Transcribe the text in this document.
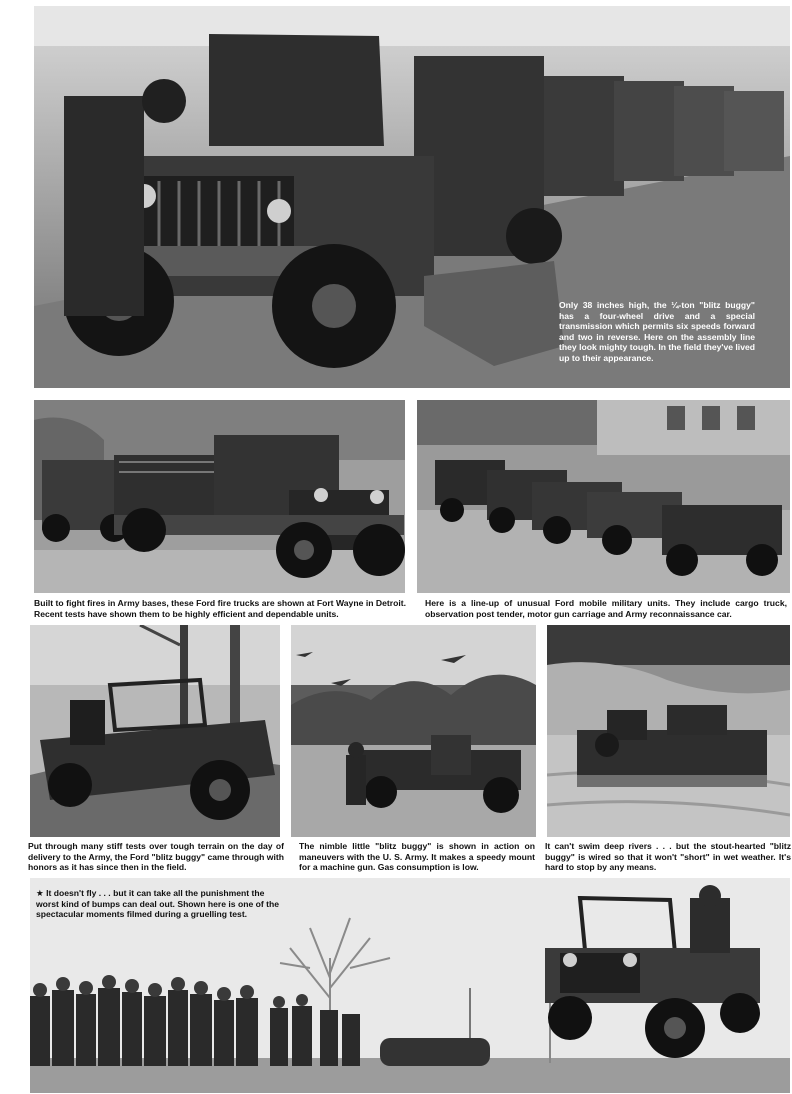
Only 38 inches high, the ¼-ton "blitz buggy" has a four-wheel drive and a special transmission which permits six speeds forward and two in reverse. Here on the assembly line they look mighty tough. In the field they've lived up to their appearance.

Built to fight fires in Army bases, these Ford fire trucks are shown at Fort Wayne in Detroit. Recent tests have shown them to be highly efficient and dependable units.

Here is a line-up of unusual Ford mobile military units. They include cargo truck, observation post tender, motor gun carriage and Army reconnaissance car.

Put through many stiff tests over tough terrain on the day of delivery to the Army, the Ford "blitz buggy" came through with honors as it has since then in the field.

The nimble little "blitz buggy" is shown in action on maneuvers with the U. S. Army. It makes a speedy mount for a machine gun. Gas consumption is low.

It can't swim deep rivers . . . but the stout-hearted "blitz buggy" is wired so that it won't "short" in wet weather. It's hard to stop by any means.

★ It doesn't fly . . . but it can take all the punishment the worst kind of bumps can deal out. Shown here is one of the spectacular moments filmed during a gruelling test.
